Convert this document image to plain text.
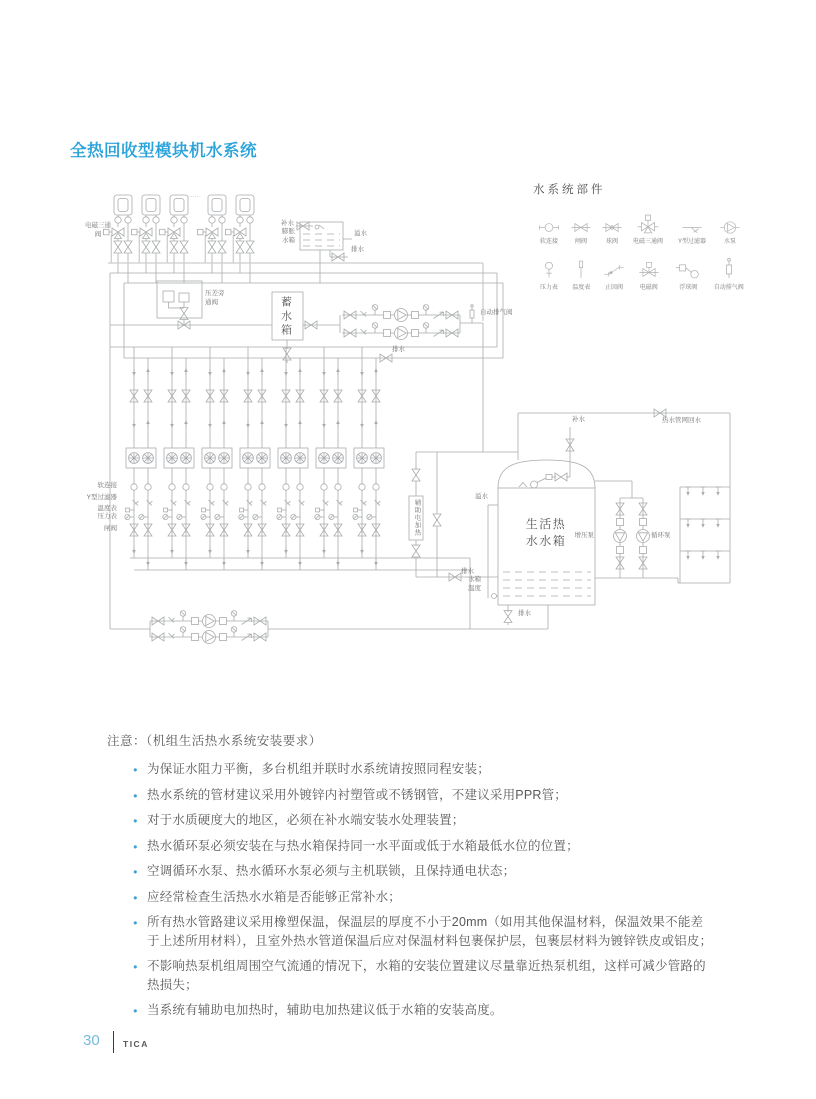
全热回收型模块机水系统
电磁三通阀
……
补水
膨胀水箱
溢水
排水
压差旁通阀	蓄水箱	自动排气阀
排水
软连接
Y型过滤器
温度表
压力表
闸阀	辅助电加热
溢水
排水
水箱温度
补水	热水管网回水
生活热水水箱	增压泵	循环泵
排水
水系统部件
软连接	闸阀	球阀	电磁三通阀	Y型过滤器	水泵
压力表	温度表	止回阀	电磁阀	浮球阀	自动排气阀
注意：（机组生活热水系统安装要求）
● 为保证水阻力平衡，多台机组并联时水系统请按照同程安装；
● 热水系统的管材建议采用外镀锌内衬塑管或不锈钢管，不建议采用PPR管；
● 对于水质硬度大的地区，必须在补水端安装水处理装置；
● 热水循环泵必须安装在与热水箱保持同一水平面或低于水箱最低水位的位置；
● 空调循环水泵、热水循环水泵必须与主机联锁，且保持通电状态；
● 应经常检查生活热水水箱是否能够正常补水；
● 所有热水管路建议采用橡塑保温，保温层的厚度不小于20mm（如用其他保温材料，保温效果不能差于上述所用材料），且室外热水管道保温后应对保温材料包裹保护层，包裹层材料为镀锌铁皮或铝皮；
● 不影响热泵机组周围空气流通的情况下，水箱的安装位置建议尽量靠近热泵机组，这样可减少管路的热损失；
● 当系统有辅助电加热时，辅助电加热建议低于水箱的安装高度。
30	TICA
